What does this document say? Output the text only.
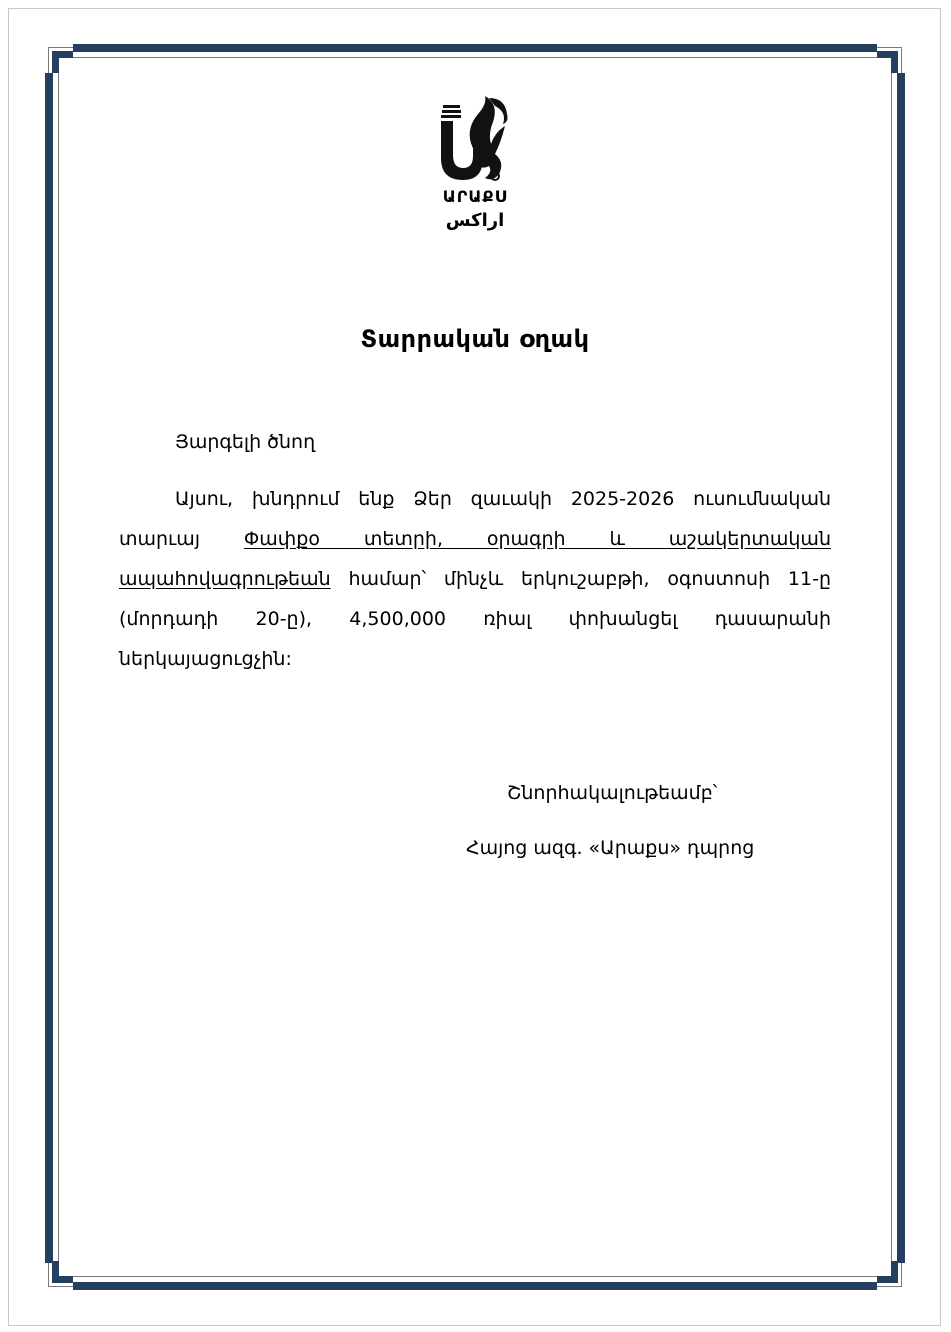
ԱՐԱՔՍ
اراكس
Տարրական օղակ
Յարգելի ծնող

Այսու, խնդրում ենք Ձեր զաւակի 2025-2026 ուսումնական տարւայ Փափքօ տետրի, օրագրի և աշակերտական ապահովագրութեան համար՝ մինչև երկուշաբթի, օգոստոսի 11-ը (մորդադի 20-ը), 4,500,000 ռիալ փոխանցել դասարանի ներկայացուցչին:

Շնորհակալութեամբ՝
Հայոց ազգ. «Արաքս» դպրոց
